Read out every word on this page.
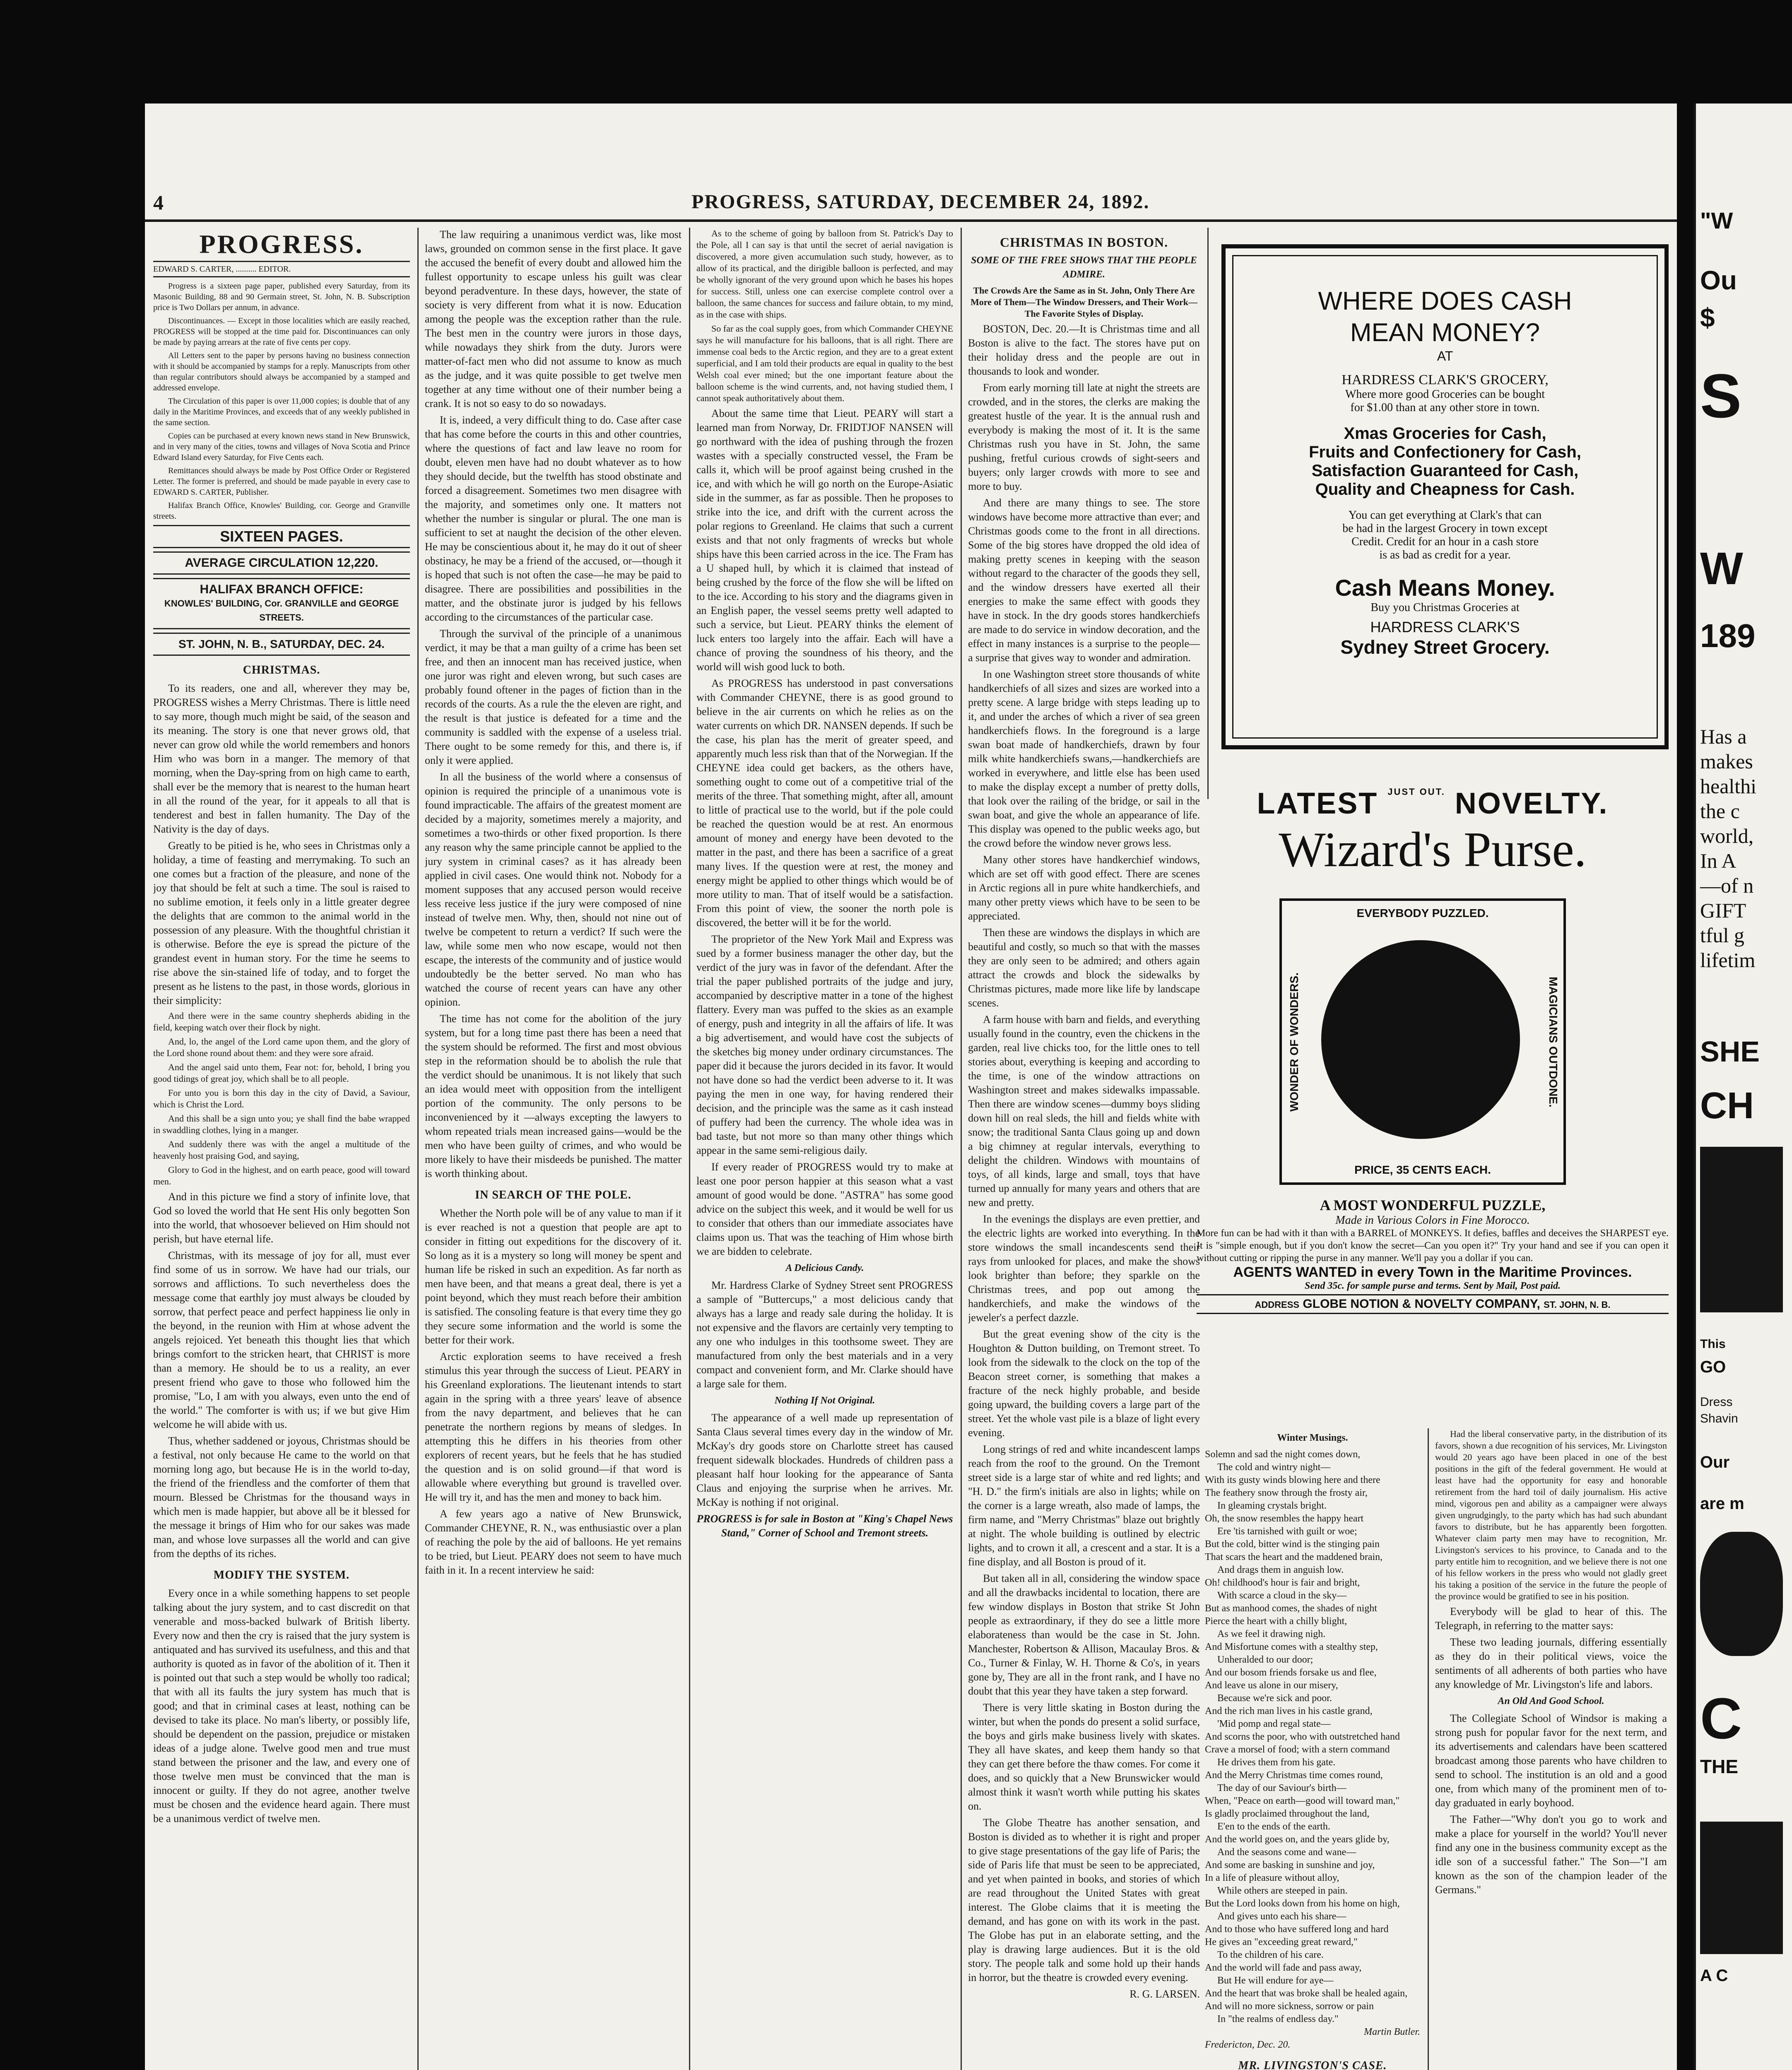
4	PROGRESS, SATURDAY, DECEMBER 24, 1892.
PROGRESS.
EDWARD S. CARTER, .......... EDITOR.

Progress is a sixteen page paper, published every Saturday, from its Masonic Building, 88 and 90 Germain street, St. John, N. B. Subscription price is Two Dollars per annum, in advance.

Discontinuances. — Except in those localities which are easily reached, PROGRESS will be stopped at the time paid for. Discontinuances can only be made by paying arrears at the rate of five cents per copy.

All Letters sent to the paper by persons having no business connection with it should be accompanied by stamps for a reply. Manuscripts from other than regular contributors should always be accompanied by a stamped and addressed envelope.

The Circulation of this paper is over 11,000 copies; is double that of any daily in the Maritime Provinces, and exceeds that of any weekly published in the same section.

Copies can be purchased at every known news stand in New Brunswick, and in very many of the cities, towns and villages of Nova Scotia and Prince Edward Island every Saturday, for Five Cents each.

Remittances should always be made by Post Office Order or Registered Letter. The former is preferred, and should be made payable in every case to EDWARD S. CARTER, Publisher.

Halifax Branch Office, Knowles' Building, cor. George and Granville streets.

SIXTEEN PAGES.
AVERAGE CIRCULATION 12,220.
HALIFAX BRANCH OFFICE:
KNOWLES' BUILDING, Cor. GRANVILLE and GEORGE STREETS.
ST. JOHN, N. B., SATURDAY, DEC. 24.
CHRISTMAS.

To its readers, one and all, wherever they may be, PROGRESS wishes a Merry Christmas. There is little need to say more, though much might be said, of the season and its meaning. The story is one that never grows old, that never can grow old while the world remembers and honors Him who was born in a manger. The memory of that morning, when the Day-spring from on high came to earth, shall ever be the memory that is nearest to the human heart in all the round of the year, for it appeals to all that is tenderest and best in fallen humanity. The Day of the Nativity is the day of days.

Greatly to be pitied is he, who sees in Christmas only a holiday, a time of feasting and merrymaking. To such an one comes but a fraction of the pleasure, and none of the joy that should be felt at such a time. The soul is raised to no sublime emotion, it feels only in a little greater degree the delights that are common to the animal world in the possession of any pleasure. With the thoughtful christian it is otherwise. Before the eye is spread the picture of the grandest event in human story. For the time he seems to rise above the sin-stained life of today, and to forget the present as he listens to the past, in those words, glorious in their simplicity:

And there were in the same country shepherds abiding in the field, keeping watch over their flock by night.

And, lo, the angel of the Lord came upon them, and the glory of the Lord shone round about them: and they were sore afraid.

And the angel said unto them, Fear not: for, behold, I bring you good tidings of great joy, which shall be to all people.

For unto you is born this day in the city of David, a Saviour, which is Christ the Lord.

And this shall be a sign unto you; ye shall find the babe wrapped in swaddling clothes, lying in a manger.

And suddenly there was with the angel a multitude of the heavenly host praising God, and saying,

Glory to God in the highest, and on earth peace, good will toward men.

And in this picture we find a story of infinite love, that God so loved the world that He sent His only begotten Son into the world, that whosoever believed on Him should not perish, but have eternal life.

Christmas, with its message of joy for all, must ever find some of us in sorrow. We have had our trials, our sorrows and afflictions. To such nevertheless does the message come that earthly joy must always be clouded by sorrow, that perfect peace and perfect happiness lie only in the beyond, in the reunion with Him at whose advent the angels rejoiced. Yet beneath this thought lies that which brings comfort to the stricken heart, that CHRIST is more than a memory. He should be to us a reality, an ever present friend who gave to those who followed him the promise, "Lo, I am with you always, even unto the end of the world." The comforter is with us; if we but give Him welcome he will abide with us.

Thus, whether saddened or joyous, Christmas should be a festival, not only because He came to the world on that morning long ago, but because He is in the world to-day, the friend of the friendless and the comforter of them that mourn. Blessed be Christmas for the thousand ways in which men is made happier, but above all be it blessed for the message it brings of Him who for our sakes was made man, and whose love surpasses all the world and can give from the depths of its riches.

MODIFY THE SYSTEM.

Every once in a while something happens to set people talking about the jury system, and to cast discredit on that venerable and moss-backed bulwark of British liberty. Every now and then the cry is raised that the jury system is antiquated and has survived its usefulness, and this and that authority is quoted as in favor of the abolition of it. Then it is pointed out that such a step would be wholly too radical; that with all its faults the jury system has much that is good; and that in criminal cases at least, nothing can be devised to take its place. No man's liberty, or possibly life, should be dependent on the passion, prejudice or mistaken ideas of a judge alone. Twelve good men and true must stand between the prisoner and the law, and every one of those twelve men must be convinced that the man is innocent or guilty. If they do not agree, another twelve must be chosen and the evidence heard again. There must be a unanimous verdict of twelve men.

The law requiring a unanimous verdict was, like most laws, grounded on common sense in the first place. It gave the accused the benefit of every doubt and allowed him the fullest opportunity to escape unless his guilt was clear beyond peradventure. In these days, however, the state of society is very different from what it is now. Education among the people was the exception rather than the rule. The best men in the country were jurors in those days, while nowadays they shirk from the duty. Jurors were matter-of-fact men who did not assume to know as much as the judge, and it was quite possible to get twelve men together at any time without one of their number being a crank. It is not so easy to do so nowadays.

It is, indeed, a very difficult thing to do. Case after case that has come before the courts in this and other countries, where the questions of fact and law leave no room for doubt, eleven men have had no doubt whatever as to how they should decide, but the twelfth has stood obstinate and forced a disagreement. Sometimes two men disagree with the majority, and sometimes only one. It matters not whether the number is singular or plural. The one man is sufficient to set at naught the decision of the other eleven. He may be conscientious about it, he may do it out of sheer obstinacy, he may be a friend of the accused, or—though it is hoped that such is not often the case—he may be paid to disagree. There are possibilities and possibilities in the matter, and the obstinate juror is judged by his fellows according to the circumstances of the particular case.

Through the survival of the principle of a unanimous verdict, it may be that a man guilty of a crime has been set free, and then an innocent man has received justice, when one juror was right and eleven wrong, but such cases are probably found oftener in the pages of fiction than in the records of the courts. As a rule the the eleven are right, and the result is that justice is defeated for a time and the community is saddled with the expense of a useless trial. There ought to be some remedy for this, and there is, if only it were applied.

In all the business of the world where a consensus of opinion is required the principle of a unanimous vote is found impracticable. The affairs of the greatest moment are decided by a majority, sometimes merely a majority, and sometimes a two-thirds or other fixed proportion. Is there any reason why the same principle cannot be applied to the jury system in criminal cases? as it has already been applied in civil cases. One would think not. Nobody for a moment supposes that any accused person would receive less receive less justice if the jury were composed of nine instead of twelve men. Why, then, should not nine out of twelve be competent to return a verdict? If such were the law, while some men who now escape, would not then escape, the interests of the community and of justice would undoubtedly be the better served. No man who has watched the course of recent years can have any other opinion.

The time has not come for the abolition of the jury system, but for a long time past there has been a need that the system should be reformed. The first and most obvious step in the reformation should be to abolish the rule that the verdict should be unanimous. It is not likely that such an idea would meet with opposition from the intelligent portion of the community. The only persons to be inconvenienced by it —always excepting the lawyers to whom repeated trials mean increased gains—would be the men who have been guilty of crimes, and who would be more likely to have their misdeeds be punished. The matter is worth thinking about.

IN SEARCH OF THE POLE.

Whether the North pole will be of any value to man if it is ever reached is not a question that people are apt to consider in fitting out expeditions for the discovery of it. So long as it is a mystery so long will money be spent and human life be risked in such an expedition. As far north as men have been, and that means a great deal, there is yet a point beyond, which they must reach before their ambition is satisfied. The consoling feature is that every time they go they secure some information and the world is some the better for their work.

Arctic exploration seems to have received a fresh stimulus this year through the success of Lieut. PEARY in his Greenland explorations. The lieutenant intends to start again in the spring with a three years' leave of absence from the navy department, and believes that he can penetrate the northern regions by means of sledges. In attempting this he differs in his theories from other explorers of recent years, but he feels that he has studied the question and is on solid ground—if that word is allowable where everything but ground is travelled over. He will try it, and has the men and money to back him.

A few years ago a native of New Brunswick, Commander CHEYNE, R. N., was enthusiastic over a plan of reaching the pole by the aid of balloons. He yet remains to be tried, but Lieut. PEARY does not seem to have much faith in it. In a recent interview he said:

As to the scheme of going by balloon from St. Patrick's Day to the Pole, all I can say is that until the secret of aerial navigation is discovered, a more given accumulation such study, however, as to allow of its practical, and the dirigible balloon is perfected, and may be wholly ignorant of the very ground upon which he bases his hopes for success. Still, unless one can exercise complete control over a balloon, the same chances for success and failure obtain, to my mind, as in the case with ships.

So far as the coal supply goes, from which Commander CHEYNE says he will manufacture for his balloons, that is all right. There are immense coal beds to the Arctic region, and they are to a great extent superficial, and I am told their products are equal in quality to the best Welsh coal ever mined; but the one important feature about the balloon scheme is the wind currents, and, not having studied them, I cannot speak authoritatively about them.

About the same time that Lieut. PEARY will start a learned man from Norway, Dr. FRIDTJOF NANSEN will go northward with the idea of pushing through the frozen wastes with a specially constructed vessel, the Fram be calls it, which will be proof against being crushed in the ice, and with which he will go north on the Europe-Asiatic side in the summer, as far as possible. Then he proposes to strike into the ice, and drift with the current across the polar regions to Greenland. He claims that such a current exists and that not only fragments of wrecks but whole ships have this been carried across in the ice. The Fram has a U shaped hull, by which it is claimed that instead of being crushed by the force of the flow she will be lifted on to the ice. According to his story and the diagrams given in an English paper, the vessel seems pretty well adapted to such a service, but Lieut. PEARY thinks the element of luck enters too largely into the affair. Each will have a chance of proving the soundness of his theory, and the world will wish good luck to both.

As PROGRESS has understood in past conversations with Commander CHEYNE, there is as good ground to believe in the air currents on which he relies as on the water currents on which DR. NANSEN depends. If such be the case, his plan has the merit of greater speed, and apparently much less risk than that of the Norwegian. If the CHEYNE idea could get backers, as the others have, something ought to come out of a competitive trial of the merits of the three. That something might, after all, amount to little of practical use to the world, but if the pole could be reached the question would be at rest. An enormous amount of money and energy have been devoted to the matter in the past, and there has been a sacrifice of a great many lives. If the question were at rest, the money and energy might be applied to other things which would be of more utility to man. That of itself would be a satisfaction. From this point of view, the sooner the north pole is discovered, the better will it be for the world.

The proprietor of the New York Mail and Express was sued by a former business manager the other day, but the verdict of the jury was in favor of the defendant. After the trial the paper published portraits of the judge and jury, accompanied by descriptive matter in a tone of the highest flattery. Every man was puffed to the skies as an example of energy, push and integrity in all the affairs of life. It was a big advertisement, and would have cost the subjects of the sketches big money under ordinary circumstances. The paper did it because the jurors decided in its favor. It would not have done so had the verdict been adverse to it. It was paying the men in one way, for having rendered their decision, and the principle was the same as it cash instead of puffery had been the currency. The whole idea was in bad taste, but not more so than many other things which appear in the same semi-religious daily.

If every reader of PROGRESS would try to make at least one poor person happier at this season what a vast amount of good would be done. "ASTRA" has some good advice on the subject this week, and it would be well for us to consider that others than our immediate associates have claims upon us. That was the teaching of Him whose birth we are bidden to celebrate.

A Delicious Candy.

Mr. Hardress Clarke of Sydney Street sent PROGRESS a sample of "Buttercups," a most delicious candy that always has a large and ready sale during the holiday. It is not expensive and the flavors are certainly very tempting to any one who indulges in this toothsome sweet. They are manufactured from only the best materials and in a very compact and convenient form, and Mr. Clarke should have a large sale for them.

Nothing If Not Original.

The appearance of a well made up representation of Santa Claus several times every day in the window of Mr. McKay's dry goods store on Charlotte street has caused frequent sidewalk blockades. Hundreds of children pass a pleasant half hour looking for the appearance of Santa Claus and enjoying the surprise when he arrives. Mr. McKay is nothing if not original.

PROGRESS is for sale in Boston at "King's Chapel News Stand," Corner of School and Tremont streets.

CHRISTMAS IN BOSTON.
SOME OF THE FREE SHOWS THAT THE PEOPLE ADMIRE.

The Crowds Are the Same as in St. John, Only There Are More of Them—The Window Dressers, and Their Work—The Favorite Styles of Display.

BOSTON, Dec. 20.—It is Christmas time and all Boston is alive to the fact. The stores have put on their holiday dress and the people are out in thousands to look and wonder.

From early morning till late at night the streets are crowded, and in the stores, the clerks are making the greatest hustle of the year. It is the annual rush and everybody is making the most of it. It is the same Christmas rush you have in St. John, the same pushing, fretful curious crowds of sight-seers and buyers; only larger crowds with more to see and more to buy.

And there are many things to see. The store windows have become more attractive than ever; and Christmas goods come to the front in all directions. Some of the big stores have dropped the old idea of making pretty scenes in keeping with the season without regard to the character of the goods they sell, and the window dressers have exerted all their energies to make the same effect with goods they have in stock. In the dry goods stores handkerchiefs are made to do service in window decoration, and the effect in many instances is a surprise to the people—a surprise that gives way to wonder and admiration.

In one Washington street store thousands of white handkerchiefs of all sizes and sizes are worked into a pretty scene. A large bridge with steps leading up to it, and under the arches of which a river of sea green handkerchiefs flows. In the foreground is a large swan boat made of handkerchiefs, drawn by four milk white handkerchiefs swans,—handkerchiefs are worked in everywhere, and little else has been used to make the display except a number of pretty dolls, that look over the railing of the bridge, or sail in the swan boat, and give the whole an appearance of life. This display was opened to the public weeks ago, but the crowd before the window never grows less.

Many other stores have handkerchief windows, which are set off with good effect. There are scenes in Arctic regions all in pure white handkerchiefs, and many other pretty views which have to be seen to be appreciated.

Then these are windows the displays in which are beautiful and costly, so much so that with the masses they are only seen to be admired; and others again attract the crowds and block the sidewalks by Christmas pictures, made more like life by landscape scenes.

A farm house with barn and fields, and everything usually found in the country, even the chickens in the garden, real live chicks too, for the little ones to tell stories about, everything is keeping and according to the time, is one of the window attractions on Washington street and makes sidewalks impassable. Then there are window scenes—dummy boys sliding down hill on real sleds, the hill and fields white with snow; the traditional Santa Claus going up and down a big chimney at regular intervals, everything to delight the children. Windows with mountains of toys, of all kinds, large and small, toys that have turned up annually for many years and others that are new and pretty.

In the evenings the displays are even prettier, and the electric lights are worked into everything. In the store windows the small incandescents send their rays from unlooked for places, and make the shows look brighter than before; they sparkle on the Christmas trees, and pop out among the handkerchiefs, and make the windows of the jeweler's a perfect dazzle.

But the great evening show of the city is the Houghton & Dutton building, on Tremont street. To look from the sidewalk to the clock on the top of the Beacon street corner, is something that makes a fracture of the neck highly probable, and beside going upward, the building covers a large part of the street. Yet the whole vast pile is a blaze of light every evening.

Long strings of red and white incandescent lamps reach from the roof to the ground. On the Tremont street side is a large star of white and red lights; and "H. D." the firm's initials are also in lights; while on the corner is a large wreath, also made of lamps, the firm name, and "Merry Christmas" blaze out brightly at night. The whole building is outlined by electric lights, and to crown it all, a crescent and a star. It is a fine display, and all Boston is proud of it.

But taken all in all, considering the window space and all the drawbacks incidental to location, there are few window displays in Boston that strike St John people as extraordinary, if they do see a little more elaborateness than would be the case in St. John. Manchester, Robertson & Allison, Macaulay Bros. & Co., Turner & Finlay, W. H. Thorne & Co's, in years gone by, They are all in the front rank, and I have no doubt that this year they have taken a step forward.

There is very little skating in Boston during the winter, but when the ponds do present a solid surface, the boys and girls make business lively with skates. They all have skates, and keep them handy so that they can get there before the thaw comes. For come it does, and so quickly that a New Brunswicker would almost think it wasn't worth while putting his skates on.

The Globe Theatre has another sensation, and Boston is divided as to whether it is right and proper to give stage presentations of the gay life of Paris; the side of Paris life that must be seen to be appreciated, and yet when painted in books, and stories of which are read throughout the United States with great interest. The Globe claims that it is meeting the demand, and has gone on with its work in the past. The Globe has put in an elaborate setting, and the play is drawing large audiences. But it is the old story. The people talk and some hold up their hands in horror, but the theatre is crowded every evening.

R. G. LARSEN.

WHERE DOES CASH
MEAN MONEY?
AT
HARDRESS CLARK'S GROCERY,
Where more good Groceries can be bought
for $1.00 than at any other store in town.
Xmas Groceries for Cash,
Fruits and Confectionery for Cash,
Satisfaction Guaranteed for Cash,
Quality and Cheapness for Cash.
You can get everything at Clark's that can
be had in the largest Grocery in town except
Credit. Credit for an hour in a cash store
is as bad as credit for a year.
Cash Means Money.
Buy you Christmas Groceries at
HARDRESS CLARK'S
Sydney Street Grocery.
LATEST $^{JUST OUT.}$ NOVELTY.
Wizard's Purse.
EVERYBODY PUZZLED.
PRICE, 35 CENTS EACH.
WONDER OF WONDERS.	MAGICIANS OUTDONE.
A MOST WONDERFUL PUZZLE,
Made in Various Colors in Fine Morocco.
More fun can be had with it than with a BARREL of MONKEYS. It defies, baffles and deceives the SHARPEST eye. It is "simple enough, but if you don't know the secret—Can you open it?" Try your hand and see if you can open it without cutting or ripping the purse in any manner. We'll pay you a dollar if you can.
AGENTS WANTED in every Town in the Maritime Provinces.
Send 35c. for sample purse and terms. Sent by Mail, Post paid.
ADDRESS GLOBE NOTION & NOVELTY COMPANY, ST. JOHN, N. B.
Winter Musings.
Solemn and sad the night comes down,
The cold and wintry night—
With its gusty winds blowing here and there
The feathery snow through the frosty air,
In gleaming crystals bright.
Oh, the snow resembles the happy heart
Ere 'tis tarnished with guilt or woe;
But the cold, bitter wind is the stinging pain
That scars the heart and the maddened brain,
And drags them in anguish low.
Oh! childhood's hour is fair and bright,
With scarce a cloud in the sky—
But as manhood comes, the shades of night
Pierce the heart with a chilly blight,
As we feel it drawing nigh.
And Misfortune comes with a stealthy step,
Unheralded to our door;
And our bosom friends forsake us and flee,
And leave us alone in our misery,
Because we're sick and poor.
And the rich man lives in his castle grand,
'Mid pomp and regal state—
And scorns the poor, who with outstretched hand
Crave a morsel of food; with a stern command
He drives them from his gate.
And the Merry Christmas time comes round,
The day of our Saviour's birth—
When, "Peace on earth—good will toward man,"
Is gladly proclaimed throughout the land,
E'en to the ends of the earth.
And the world goes on, and the years glide by,
And the seasons come and wane—
And some are basking in sunshine and joy,
In a life of pleasure without alloy,
While others are steeped in pain.
But the Lord looks down from his home on high,
And gives unto each his share—
And to those who have suffered long and hard
He gives an "exceeding great reward,"
To the children of his care.
And the world will fade and pass away,
But He will endure for aye—
And the heart that was broke shall be healed again,
And will no more sickness, sorrow or pain
In "the realms of endless day."
Martin Butler.
Fredericton, Dec. 20.
MR. LIVINGSTON'S CASE.

Had the liberal conservative party, in the distribution of its favors, shown a due recognition of his services, Mr. Livingston would 20 years ago have been placed in one of the best positions in the gift of the federal government. He would at least have had the opportunity for easy and honorable retirement from the hard toil of daily journalism. His active mind, vigorous pen and ability as a campaigner were always given ungrudgingly, to the party which has had such abundant favors to distribute, but he has apparently been forgotten. Whatever claim party men may have to recognition, Mr. Livingston's services to his province, to Canada and to the party entitle him to recognition, and we believe there is not one of his fellow workers in the press who would not gladly greet his taking a position of the service in the future the people of the province would be gratified to see in his position.

Everybody will be glad to hear of this. The Telegraph, in referring to the matter says:

These two leading journals, differing essentially as they do in their political views, voice the sentiments of all adherents of both parties who have any knowledge of Mr. Livingston's life and labors.

An Old And Good School.

The Collegiate School of Windsor is making a strong push for popular favor for the next term, and its advertisements and calendars have been scattered broadcast among those parents who have children to send to school. The institution is an old and a good one, from which many of the prominent men of to-day graduated in early boyhood.

The Father—"Why don't you go to work and make a place for yourself in the world? You'll never find any one in the business community except as the idle son of a successful father." The Son—"I am known as the son of the champion leader of the Germans."

"W
Ou
$
S
W
189
Has a
makes
healthi
the c
world,
In A
—of n
GIFT
tful g
lifetim
SHE
CH
This
GO
Dress
Shavin
Our
are m
C
THE
A C
